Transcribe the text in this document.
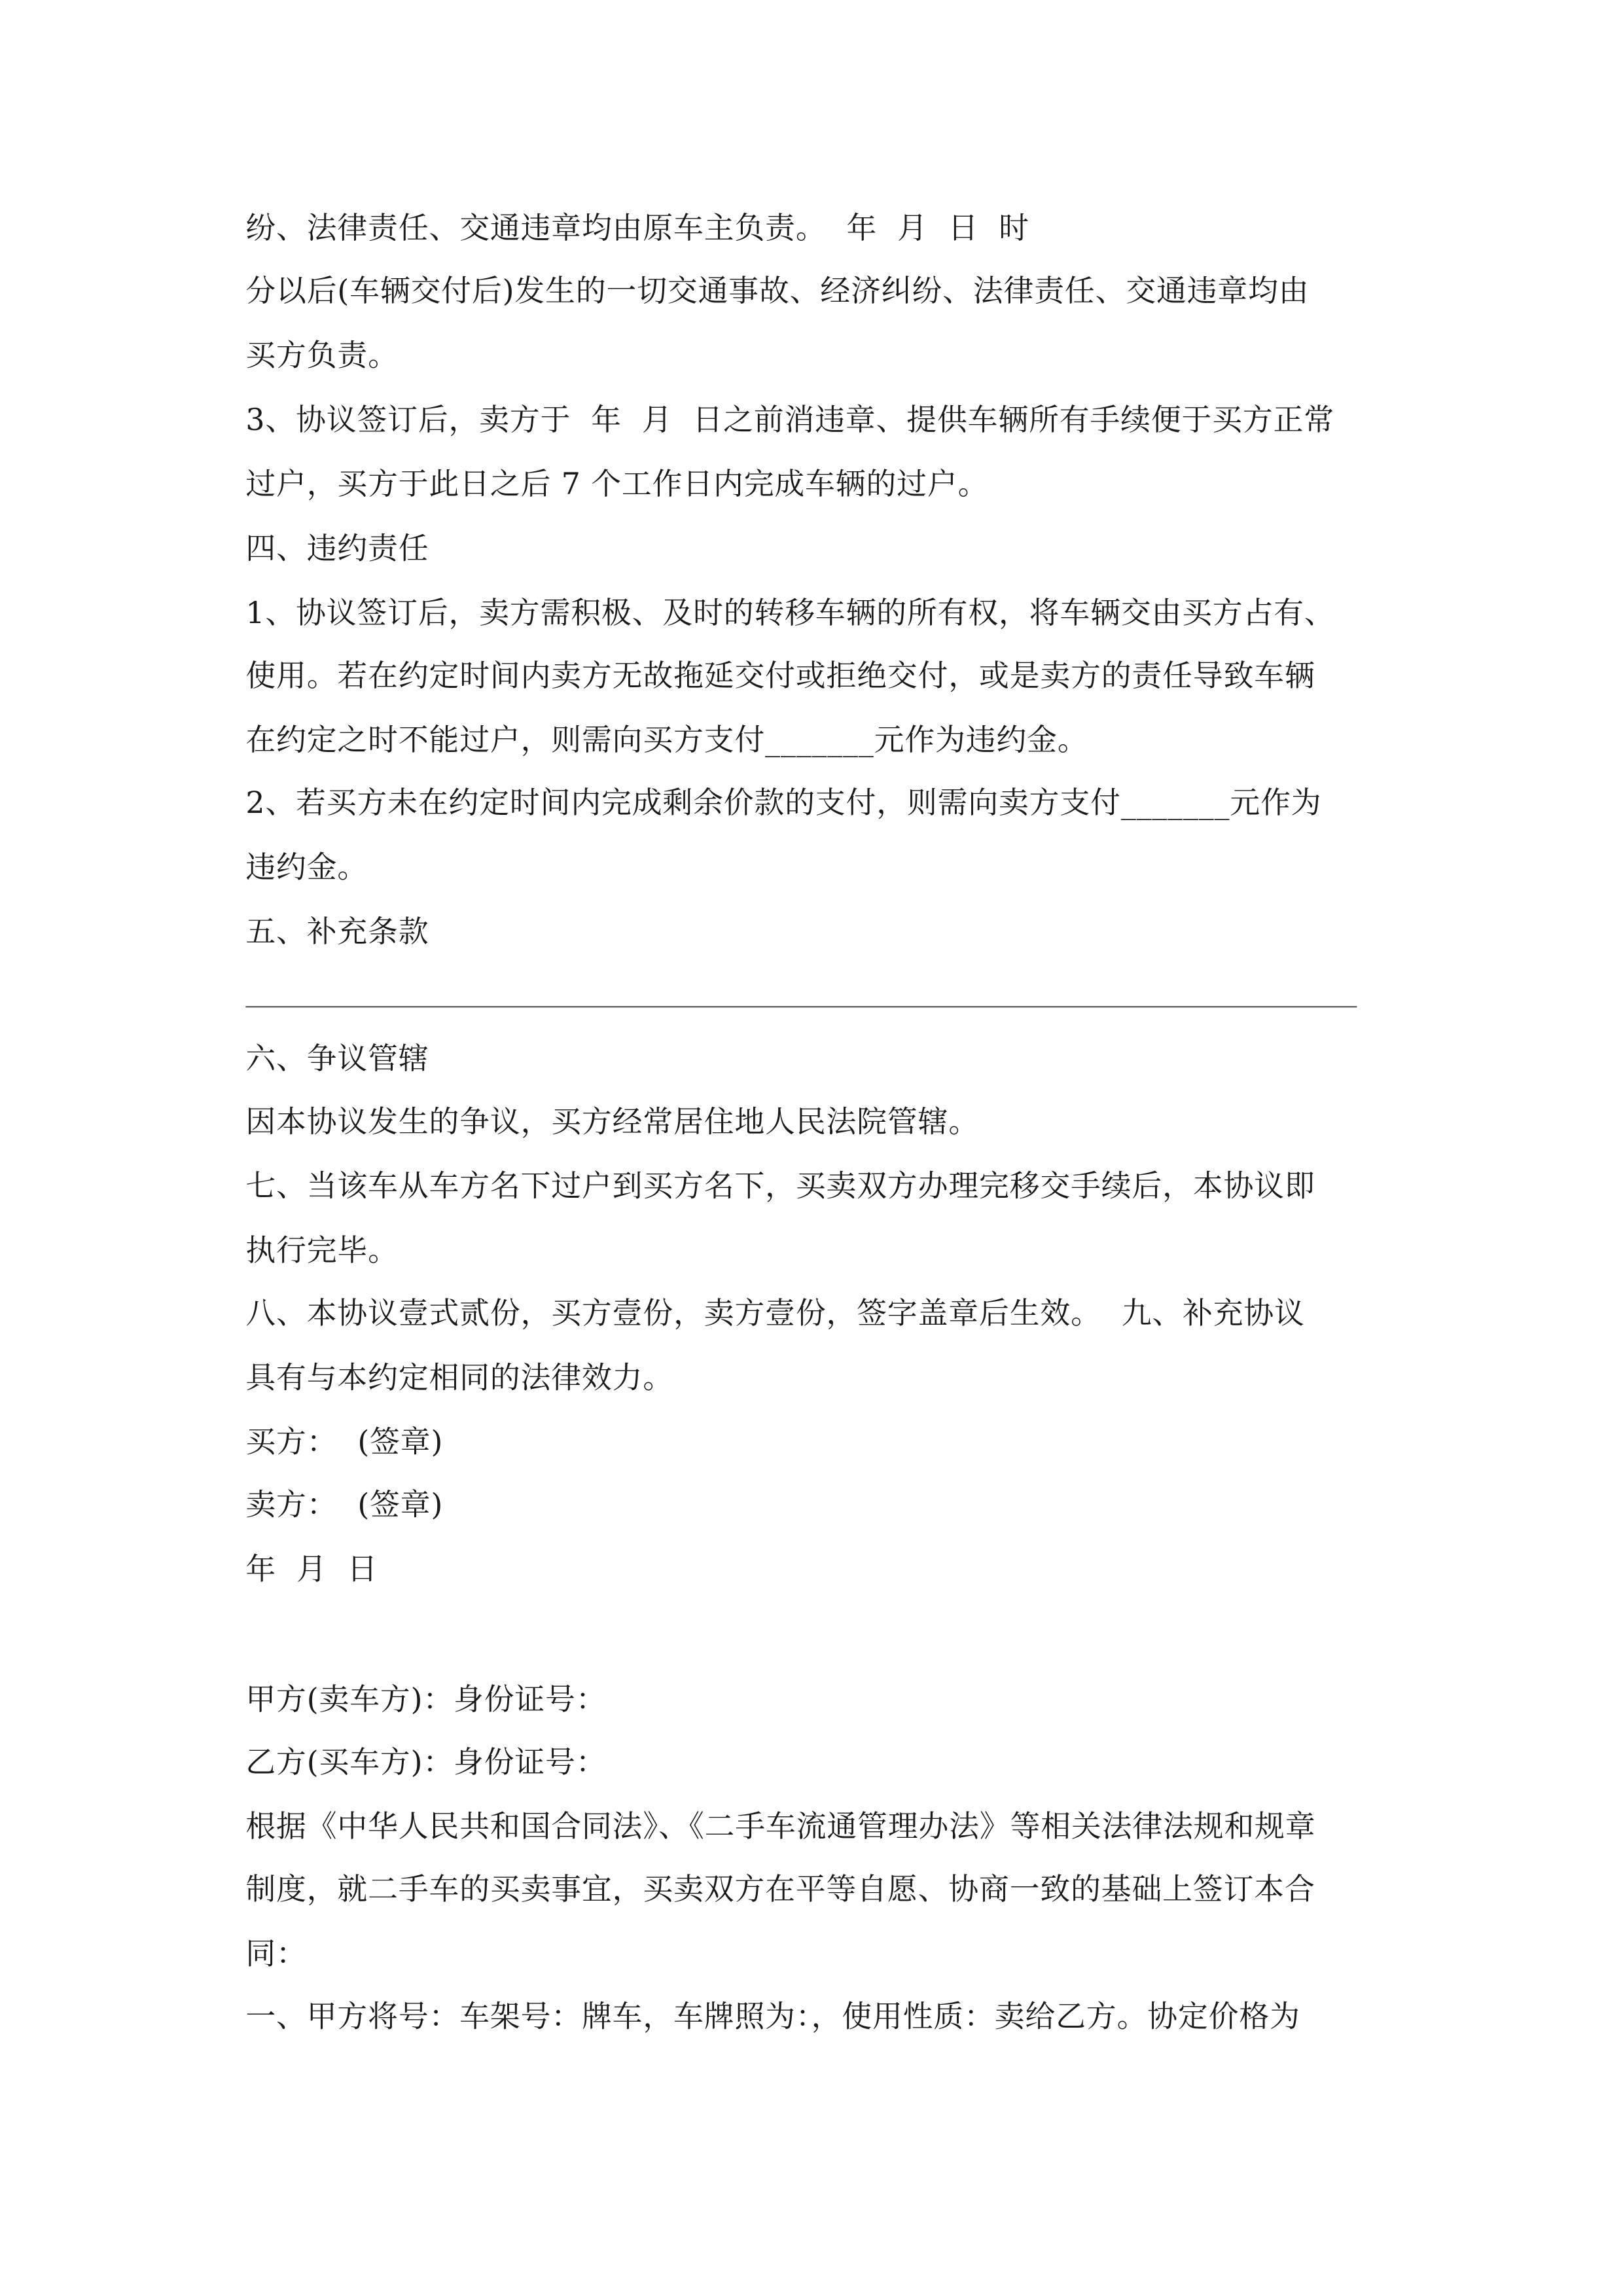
纷、法律责任、交通违章均由原车主负责。  年  月  日  时
分以后(车辆交付后)发生的一切交通事故、经济纠纷、法律责任、交通违章均由
买方负责。
3、协议签订后，卖方于  年  月  日之前消违章、提供车辆所有手续便于买方正常
过户，买方于此日之后 7 个工作日内完成车辆的过户。
四、违约责任
1、协议签订后，卖方需积极、及时的转移车辆的所有权，将车辆交由买方占有、
使用。若在约定时间内卖方无故拖延交付或拒绝交付，或是卖方的责任导致车辆
在约定之时不能过户，则需向买方支付_______元作为违约金。
2、若买方未在约定时间内完成剩余价款的支付，则需向卖方支付_______元作为
违约金。
五、补充条款
六、争议管辖
因本协议发生的争议，买方经常居住地人民法院管辖。
七、当该车从车方名下过户到买方名下，买卖双方办理完移交手续后，本协议即
执行完毕。
八、本协议壹式贰份，买方壹份，卖方壹份，签字盖章后生效。  九、补充协议
具有与本约定相同的法律效力。
买方：  (签章)
卖方：  (签章)
年  月  日
甲方(卖车方)：身份证号：
乙方(买车方)：身份证号：
根据《中华人民共和国合同法》、《二手车流通管理办法》等相关法律法规和规章
制度，就二手车的买卖事宜，买卖双方在平等自愿、协商一致的基础上签订本合
同：
一、甲方将号：车架号：牌车，车牌照为：，使用性质：卖给乙方。协定价格为
